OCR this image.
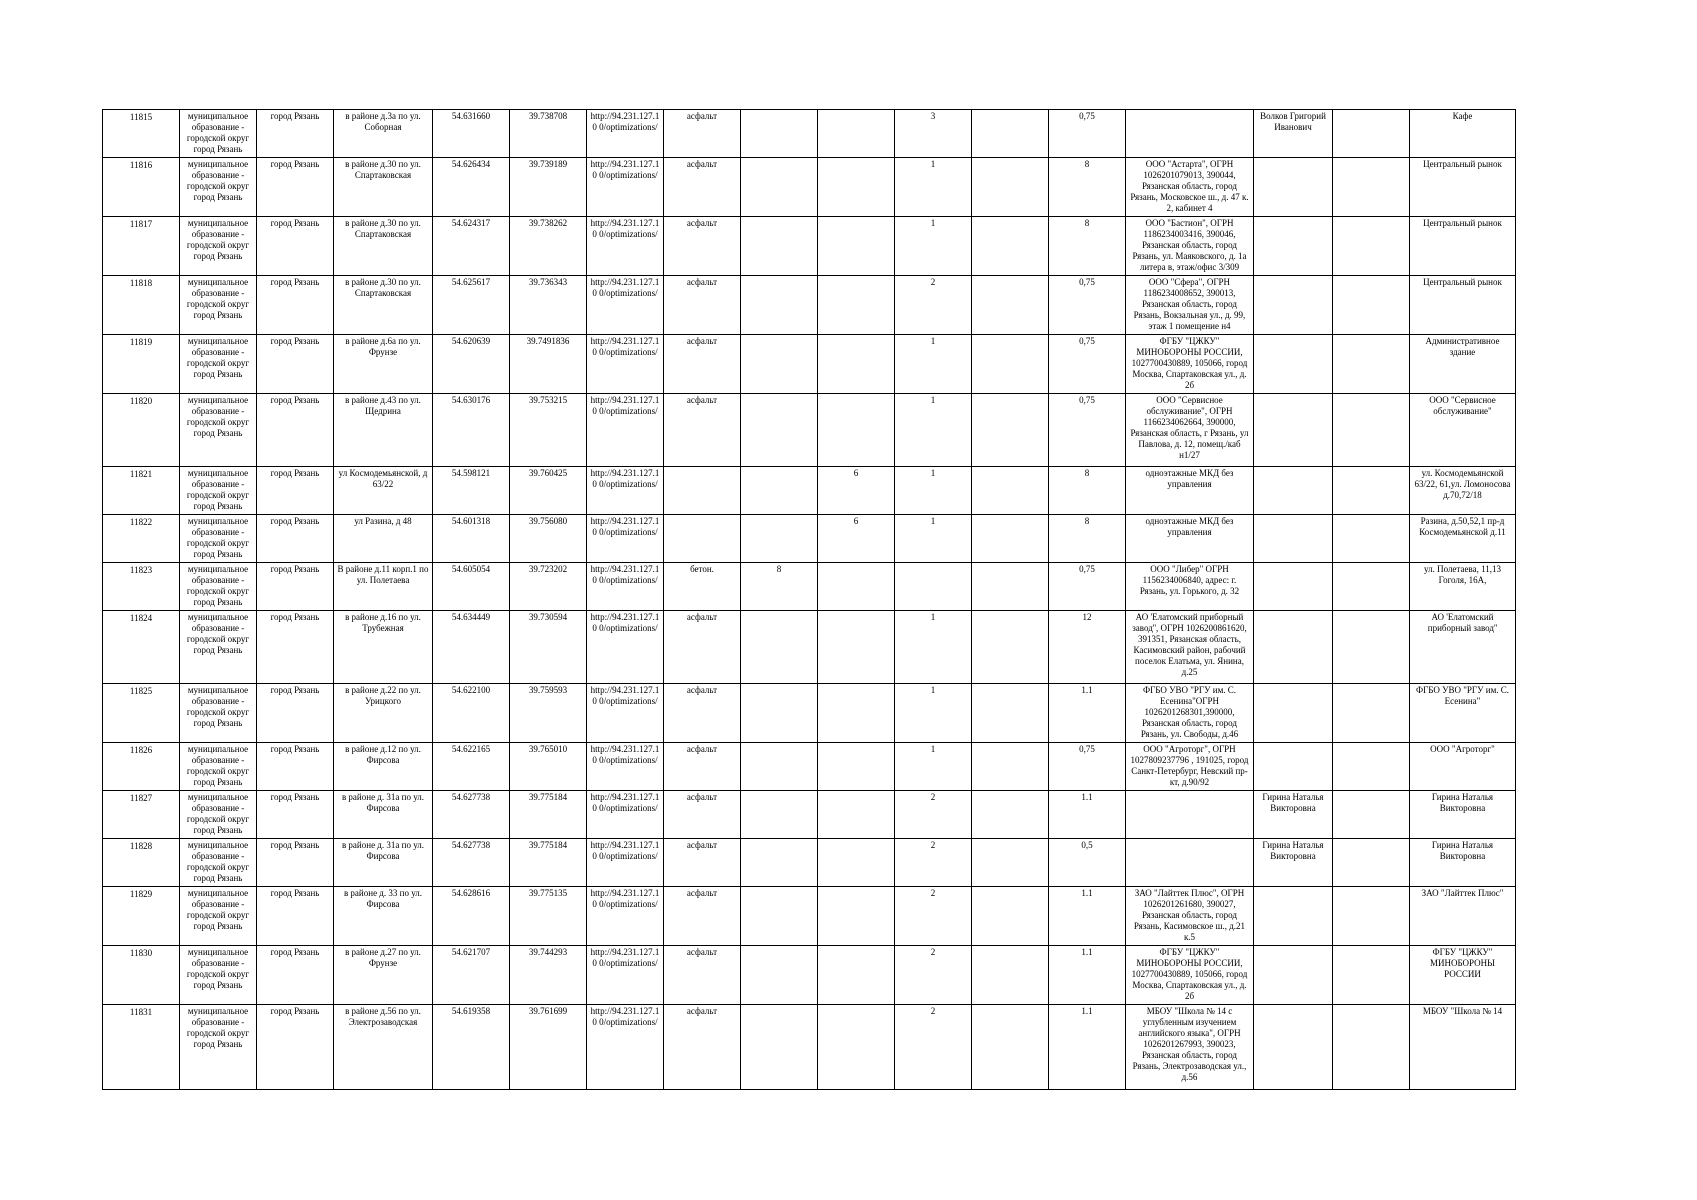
11815	муниципальное образование - городской округ город Рязань	город Рязань	в районе д.3а по ул. Соборная	54.631660	39.738708	http://94.231.127.10 0/optimizations/	асфальт			3		0,75		Волков Григорий Иванович		Кафе
11816	муниципальное образование - городской округ город Рязань	город Рязань	в районе д.30 по ул. Спартаковская	54.626434	39.739189	http://94.231.127.10 0/optimizations/	асфальт			1		8	ООО "Астарта", ОГРН 1026201079013, 390044, Рязанская область, город Рязань, Московское ш., д. 47 к. 2, кабинет 4			Центральный рынок
11817	муниципальное образование - городской округ город Рязань	город Рязань	в районе д.30 по ул. Спартаковская	54.624317	39.738262	http://94.231.127.10 0/optimizations/	асфальт			1		8	ООО "Бастион", ОГРН 1186234003416, 390046, Рязанская область, город Рязань, ул. Маяковского, д. 1а литера в, этаж/офис 3/309			Центральный рынок
11818	муниципальное образование - городской округ город Рязань	город Рязань	в районе д.30 по ул. Спартаковская	54.625617	39.736343	http://94.231.127.10 0/optimizations/	асфальт			2		0,75	ООО "Сфера", ОГРН 1186234008652, 390013, Рязанская область, город Рязань, Вокзальная ул., д. 99, этаж 1 помещение н4			Центральный рынок
11819	муниципальное образование - городской округ город Рязань	город Рязань	в районе д.6а по ул. Фрунзе	54.620639	39.7491836	http://94.231.127.10 0/optimizations/	асфальт			1		0,75	ФГБУ "ЦЖКУ" МИНОБОРОНЫ РОССИИ, 1027700430889, 105066, город Москва, Спартаковская ул., д. 2б			Административное здание
11820	муниципальное образование - городской округ город Рязань	город Рязань	в районе д.43 по ул. Щедрина	54.630176	39.753215	http://94.231.127.10 0/optimizations/	асфальт			1		0,75	ООО "Сервисное обслуживание", ОГРН 1166234062664, 390000, Рязанская область, г Рязань, ул Павлова, д. 12, помещ./каб н1/27			ООО "Сервисное обслуживание"
11821	муниципальное образование - городской округ город Рязань	город Рязань	ул Космодемьянской, д 63/22	54.598121	39.760425	http://94.231.127.10 0/optimizations/			6	1		8	одноэтажные МКД без управления			ул. Космодемьянской 63/22, 61,ул. Ломоносова д.70,72/18
11822	муниципальное образование - городской округ город Рязань	город Рязань	ул Разина, д 48	54.601318	39.756080	http://94.231.127.10 0/optimizations/			6	1		8	одноэтажные МКД без управления			Разина, д.50,52,1 пр-д Космодемьянской д.11
11823	муниципальное образование - городской округ город Рязань	город Рязань	В районе д.11 корп.1 по ул. Полетаева	54.605054	39.723202	http://94.231.127.10 0/optimizations/	бетон.	8				0,75	ООО "Либер" ОГРН 1156234006840, адрес: г. Рязань, ул. Горького, д. 32			ул. Полетаева, 11,13 Гоголя, 16А,
11824	муниципальное образование - городской округ город Рязань	город Рязань	в районе д.16 по ул. Трубежная	54.634449	39.730594	http://94.231.127.10 0/optimizations/	асфальт			1		12	АО 'Елатомский приборный завод'', ОГРН 1026200861620, 391351, Рязанская область, Касимовский район, рабочий поселок Елатьма, ул. Янина, д.25			АО 'Елатомский приборный завод''
11825	муниципальное образование - городской округ город Рязань	город Рязань	в районе д.22 по ул. Урицкого	54.622100	39.759593	http://94.231.127.10 0/optimizations/	асфальт			1		1.1	ФГБО УВО "РГУ им. С. Есенина"ОГРН 1026201268301,390000, Рязанская область, город Рязань, ул. Свободы, д.46			ФГБО УВО "РГУ им. С. Есенина"
11826	муниципальное образование - городской округ город Рязань	город Рязань	в районе д.12 по ул. Фирсова	54.622165	39.765010	http://94.231.127.10 0/optimizations/	асфальт			1		0,75	ООО "Агроторг", ОГРН 1027809237796 , 191025, город Санкт-Петербург, Невский пр-кт, д.90/92			ООО "Агроторг"
11827	муниципальное образование - городской округ город Рязань	город Рязань	в районе д. 31а по ул. Фирсова	54.627738	39.775184	http://94.231.127.10 0/optimizations/	асфальт			2		1.1		Гирина Наталья Викторовна		Гирина Наталья Викторовна
11828	муниципальное образование - городской округ город Рязань	город Рязань	в районе д. 31а по ул. Фирсова	54.627738	39.775184	http://94.231.127.10 0/optimizations/	асфальт			2		0,5		Гирина Наталья Викторовна		Гирина Наталья Викторовна
11829	муниципальное образование - городской округ город Рязань	город Рязань	в районе д. 33 по ул. Фирсова	54.628616	39.775135	http://94.231.127.10 0/optimizations/	асфальт			2		1.1	ЗАО "Лайттек Плюс", ОГРН 1026201261680, 390027, Рязанская область, город Рязань, Касимовское ш., д.21 к.5			ЗАО "Лайттек Плюс"
11830	муниципальное образование - городской округ город Рязань	город Рязань	в районе д.27 по ул. Фрунзе	54.621707	39.744293	http://94.231.127.10 0/optimizations/	асфальт			2		1.1	ФГБУ "ЦЖКУ" МИНОБОРОНЫ РОССИИ, 1027700430889, 105066, город Москва, Спартаковская ул., д. 2б			ФГБУ "ЦЖКУ" МИНОБОРОНЫ РОССИИ
11831	муниципальное образование - городской округ город Рязань	город Рязань	в районе д.56 по ул. Электрозаводская	54.619358	39.761699	http://94.231.127.10 0/optimizations/	асфальт			2		1.1	МБОУ "Школа № 14 с углубленным изучением английского языка", ОГРН 1026201267993, 390023, Рязанская область, город Рязань, Электрозаводская ул., д.56			МБОУ "Школа № 14
